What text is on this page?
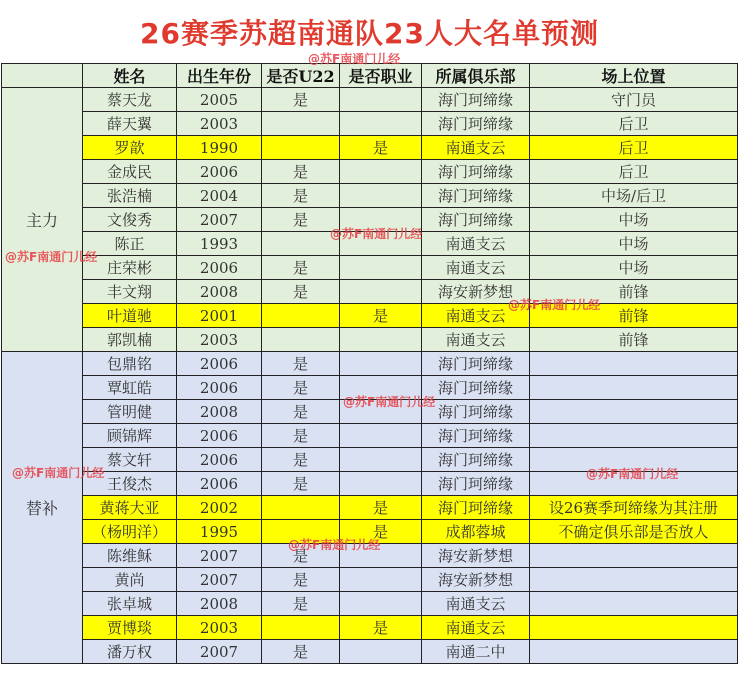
26赛季苏超南通队23人大名单预测
	姓名	出生年份	是否U22	是否职业	所属俱乐部	场上位置
主力	蔡天龙	2005	是		海门珂缔缘	守门员
	薛天翼	2003			海门珂缔缘	后卫
	罗歆	1990		是	南通支云	后卫
	金成民	2006	是		海门珂缔缘	后卫
	张浩楠	2004	是		海门珂缔缘	中场/后卫
	文俊秀	2007	是		海门珂缔缘	中场
	陈正	1993			南通支云	中场
	庄荣彬	2006	是		南通支云	中场
	丰文翔	2008	是		海安新梦想	前锋
	叶道驰	2001		是	南通支云	前锋
	郭凯楠	2003			南通支云	前锋
替补	包鼎铭	2006	是		海门珂缔缘	
	覃虹皓	2006	是		海门珂缔缘	
	管明健	2008	是		海门珂缔缘	
	顾锦辉	2006	是		海门珂缔缘	
	蔡文轩	2006	是		海门珂缔缘	
	王俊杰	2006	是		海门珂缔缘	
	黄蒋大亚	2002		是	海门珂缔缘	设26赛季珂缔缘为其注册
	（杨明洋）	1995		是	成都蓉城	不确定俱乐部是否放人
	陈维稣	2007	是		海安新梦想	
	黄尚	2007	是		海安新梦想	
	张卓城	2008	是		南通支云	
	贾博琰	2003		是	南通支云	
	潘万权	2007	是		南通二中	
@苏F南通门儿经
@苏F南通门儿经
@苏F南通门儿经
@苏F南通门儿经
@苏F南通门儿经
@苏F南通门儿经	@苏F南通门儿经
@苏F南通门儿经
